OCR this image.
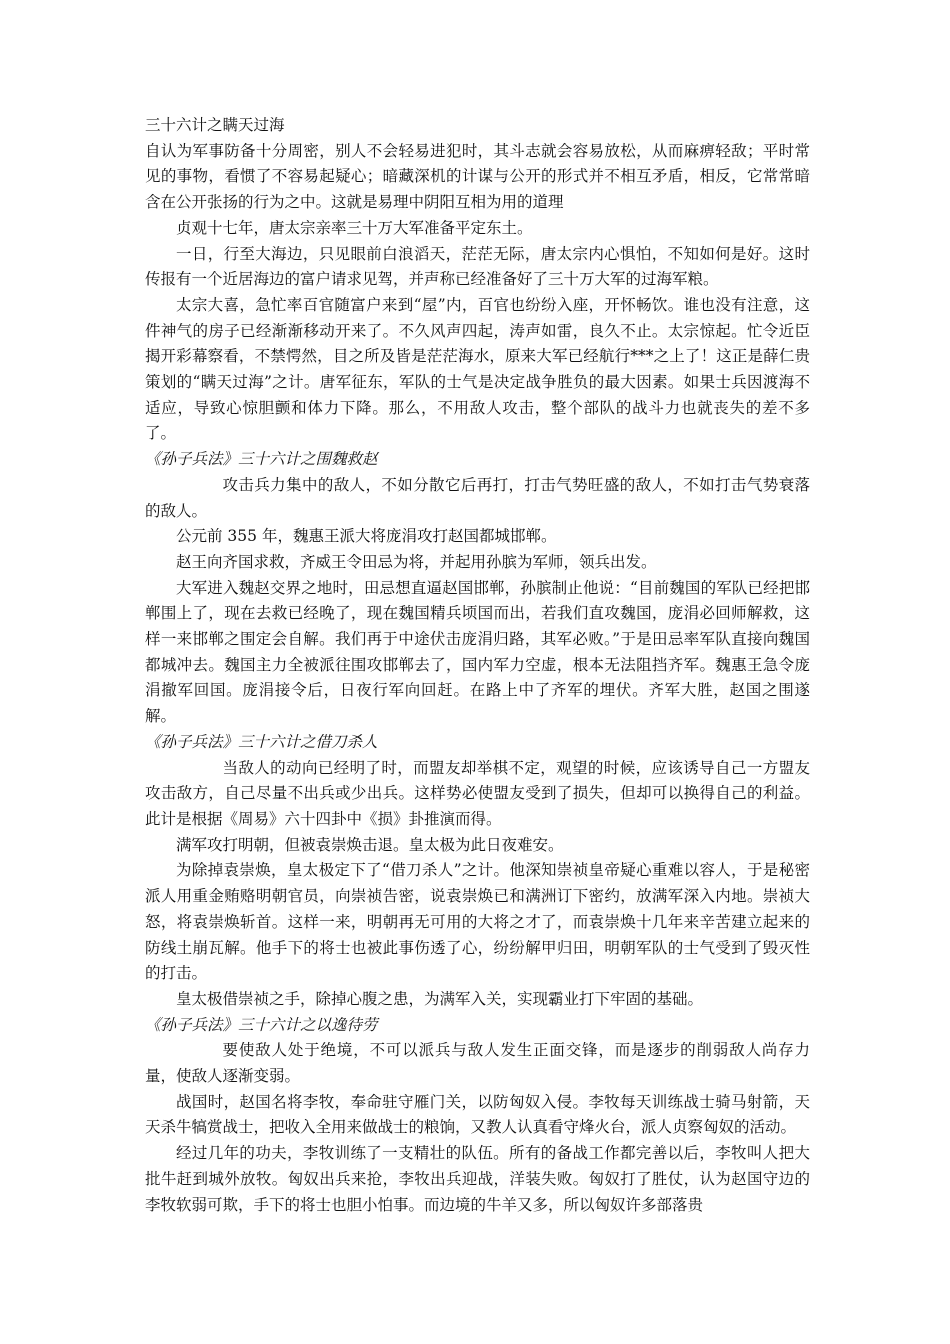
三十六计之瞒天过海

自认为军事防备十分周密，别人不会轻易进犯时，其斗志就会容易放松，从而麻痹轻敌；平时常见的事物，看惯了不容易起疑心；暗藏深机的计谋与公开的形式并不相互矛盾，相反，它常常暗含在公开张扬的行为之中。这就是易理中阴阳互相为用的道理

贞观十七年，唐太宗亲率三十万大军准备平定东土。

一日，行至大海边，只见眼前白浪滔天，茫茫无际，唐太宗内心惧怕，不知如何是好。这时传报有一个近居海边的富户请求见驾，并声称已经准备好了三十万大军的过海军粮。

太宗大喜，急忙率百官随富户来到“屋”内，百官也纷纷入座，开怀畅饮。谁也没有注意，这件神气的房子已经渐渐移动开来了。不久风声四起，涛声如雷，良久不止。太宗惊起。忙令近臣揭开彩幕察看，不禁愕然，目之所及皆是茫茫海水，原来大军已经航行***之上了！这正是薛仁贵策划的“瞒天过海”之计。唐军征东，军队的士气是决定战争胜负的最大因素。如果士兵因渡海不适应，导致心惊胆颤和体力下降。那么，不用敌人攻击，整个部队的战斗力也就丧失的差不多了。

《孙子兵法》三十六计之围魏救赵

攻击兵力集中的敌人，不如分散它后再打，打击气势旺盛的敌人，不如打击气势衰落的敌人。

公元前 355 年，魏惠王派大将庞涓攻打赵国都城邯郸。

赵王向齐国求救，齐威王令田忌为将，并起用孙膑为军师，领兵出发。

大军进入魏赵交界之地时，田忌想直逼赵国邯郸，孙膑制止他说：“目前魏国的军队已经把邯郸围上了，现在去救已经晚了，现在魏国精兵顷国而出，若我们直攻魏国，庞涓必回师解救，这样一来邯郸之围定会自解。我们再于中途伏击庞涓归路，其军必败。”于是田忌率军队直接向魏国都城冲去。魏国主力全被派往围攻邯郸去了，国内军力空虚，根本无法阻挡齐军。魏惠王急令庞涓撤军回国。庞涓接令后，日夜行军向回赶。在路上中了齐军的埋伏。齐军大胜，赵国之围遂解。

《孙子兵法》三十六计之借刀杀人

当敌人的动向已经明了时，而盟友却举棋不定，观望的时候，应该诱导自己一方盟友攻击敌方，自己尽量不出兵或少出兵。这样势必使盟友受到了损失，但却可以换得自己的利益。此计是根据《周易》六十四卦中《损》卦推演而得。

满军攻打明朝，但被袁崇焕击退。皇太极为此日夜难安。

为除掉袁崇焕，皇太极定下了“借刀杀人”之计。他深知崇祯皇帝疑心重难以容人，于是秘密派人用重金贿赂明朝官员，向崇祯告密，说袁崇焕已和满洲订下密约，放满军深入内地。崇祯大怒，将袁崇焕斩首。这样一来，明朝再无可用的大将之才了，而袁崇焕十几年来辛苦建立起来的防线土崩瓦解。他手下的将士也被此事伤透了心，纷纷解甲归田，明朝军队的士气受到了毁灭性的打击。

皇太极借崇祯之手，除掉心腹之患，为满军入关，实现霸业打下牢固的基础。

《孙子兵法》三十六计之以逸待劳

要使敌人处于绝境，不可以派兵与敌人发生正面交锋，而是逐步的削弱敌人尚存力量，使敌人逐渐变弱。

战国时，赵国名将李牧，奉命驻守雁门关，以防匈奴入侵。李牧每天训练战士骑马射箭，天天杀牛犒赏战士，把收入全用来做战士的粮饷，又教人认真看守烽火台，派人贞察匈奴的活动。

经过几年的功夫，李牧训练了一支精壮的队伍。所有的备战工作都完善以后，李牧叫人把大批牛赶到城外放牧。匈奴出兵来抢，李牧出兵迎战，洋装失败。匈奴打了胜仗，认为赵国守边的李牧软弱可欺，手下的将士也胆小怕事。而边境的牛羊又多，所以匈奴许多部落贵
